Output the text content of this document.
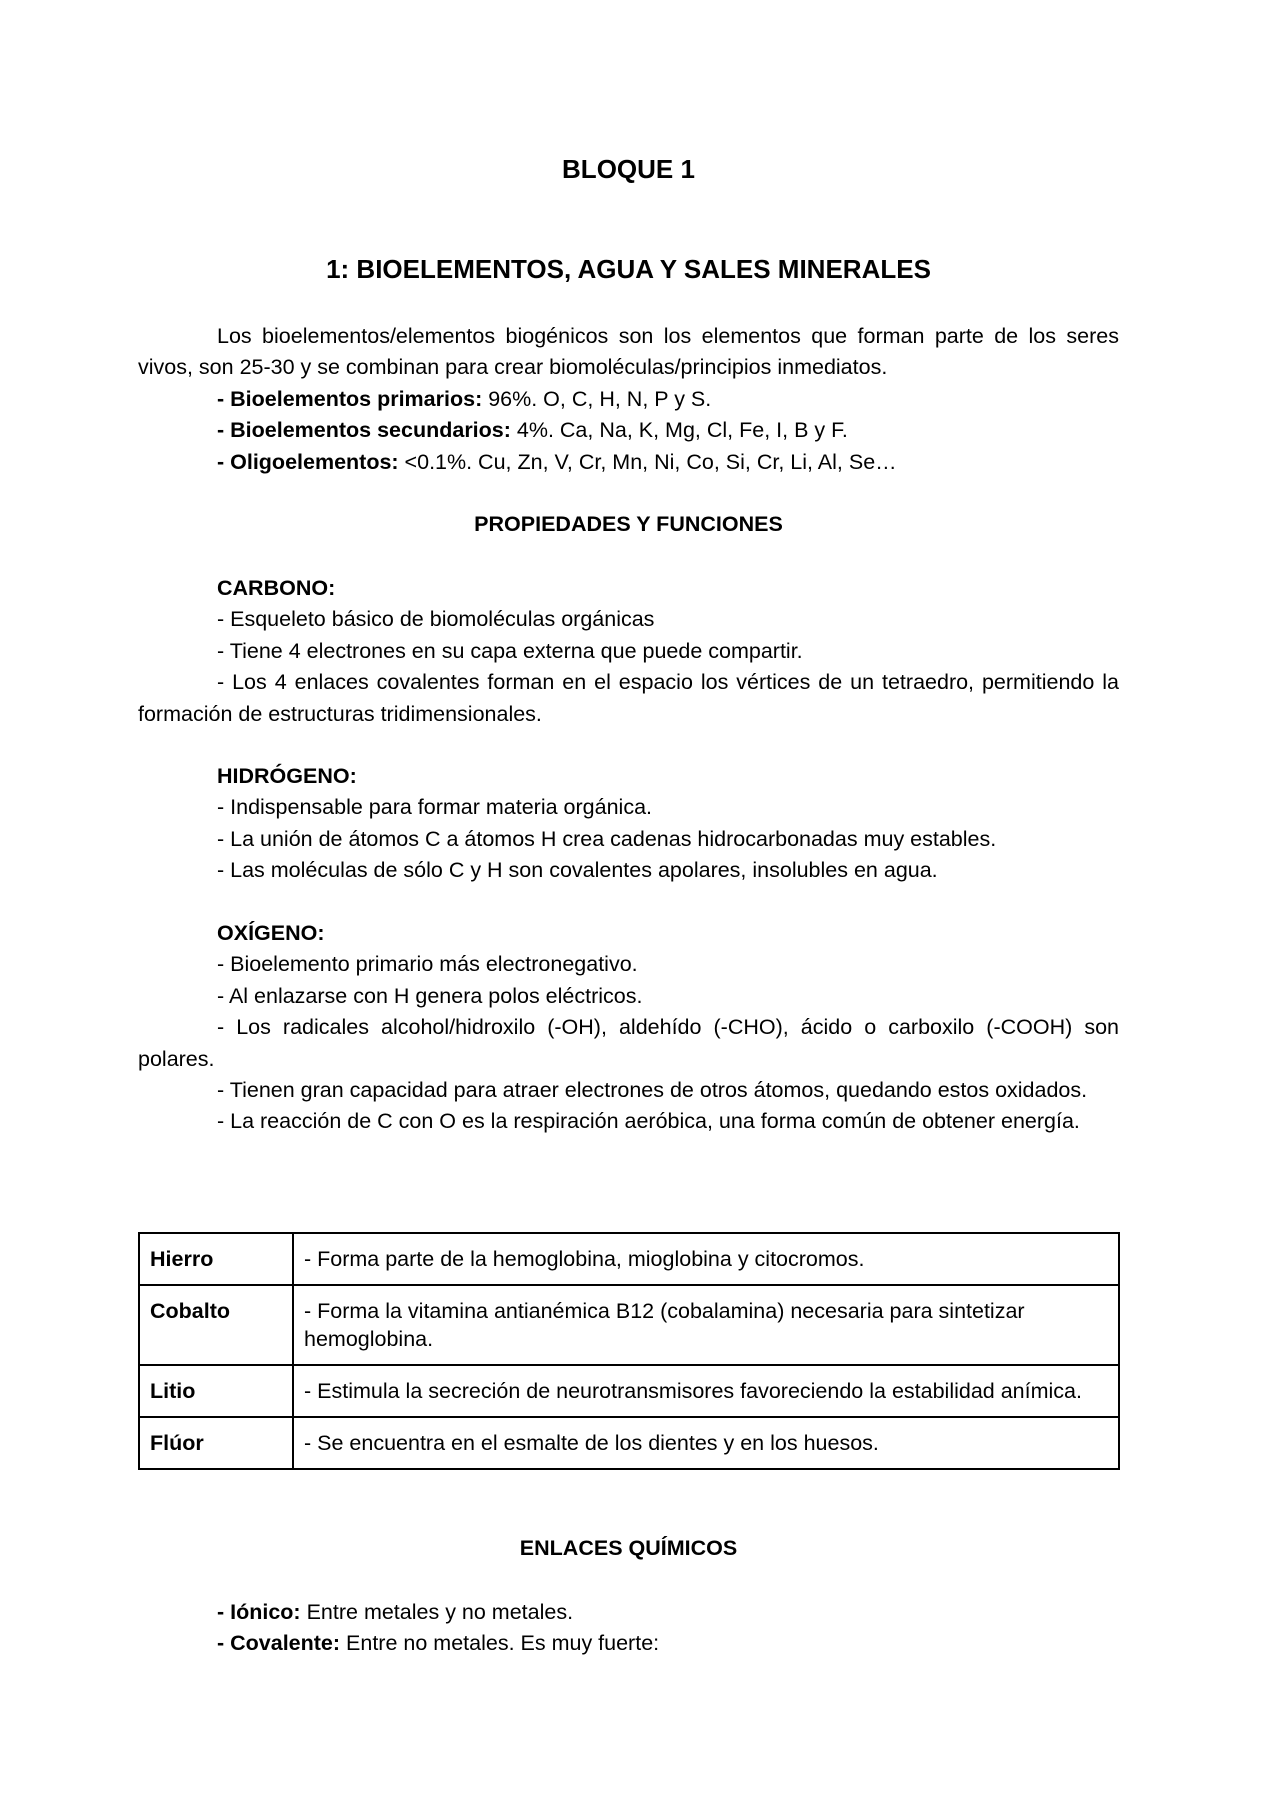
BLOQUE 1
1: BIOELEMENTOS, AGUA Y SALES MINERALES
Los bioelementos/elementos biogénicos son los elementos que forman parte de los seres vivos, son 25-30 y se combinan para crear biomoléculas/principios inmediatos.
- Bioelementos primarios: 96%. O, C, H, N, P y S.
- Bioelementos secundarios: 4%. Ca, Na, K, Mg, Cl, Fe, I, B y F.
- Oligoelementos: <0.1%. Cu, Zn, V, Cr, Mn, Ni, Co, Si, Cr, Li, Al, Se…
PROPIEDADES Y FUNCIONES
CARBONO:
- Esqueleto básico de biomoléculas orgánicas
- Tiene 4 electrones en su capa externa que puede compartir.
- Los 4 enlaces covalentes forman en el espacio los vértices de un tetraedro, permitiendo la formación de estructuras tridimensionales.
HIDRÓGENO:
- Indispensable para formar materia orgánica.
- La unión de átomos C a átomos H crea cadenas hidrocarbonadas muy estables.
- Las moléculas de sólo C y H son covalentes apolares, insolubles en agua.
OXÍGENO:
- Bioelemento primario más electronegativo.
- Al enlazarse con H genera polos eléctricos.
- Los radicales alcohol/hidroxilo (-OH), aldehído (-CHO), ácido o carboxilo (-COOH) son polares.
- Tienen gran capacidad para atraer electrones de otros átomos, quedando estos oxidados.
- La reacción de C con O es la respiración aeróbica, una forma común de obtener energía.
Hierro	- Forma parte de la hemoglobina, mioglobina y citocromos.
Cobalto	- Forma la vitamina antianémica B12 (cobalamina) necesaria para sintetizar hemoglobina.
Litio	- Estimula la secreción de neurotransmisores favoreciendo la estabilidad anímica.
Flúor	- Se encuentra en el esmalte de los dientes y en los huesos.
ENLACES QUÍMICOS
- Iónico: Entre metales y no metales.
- Covalente: Entre no metales. Es muy fuerte:
